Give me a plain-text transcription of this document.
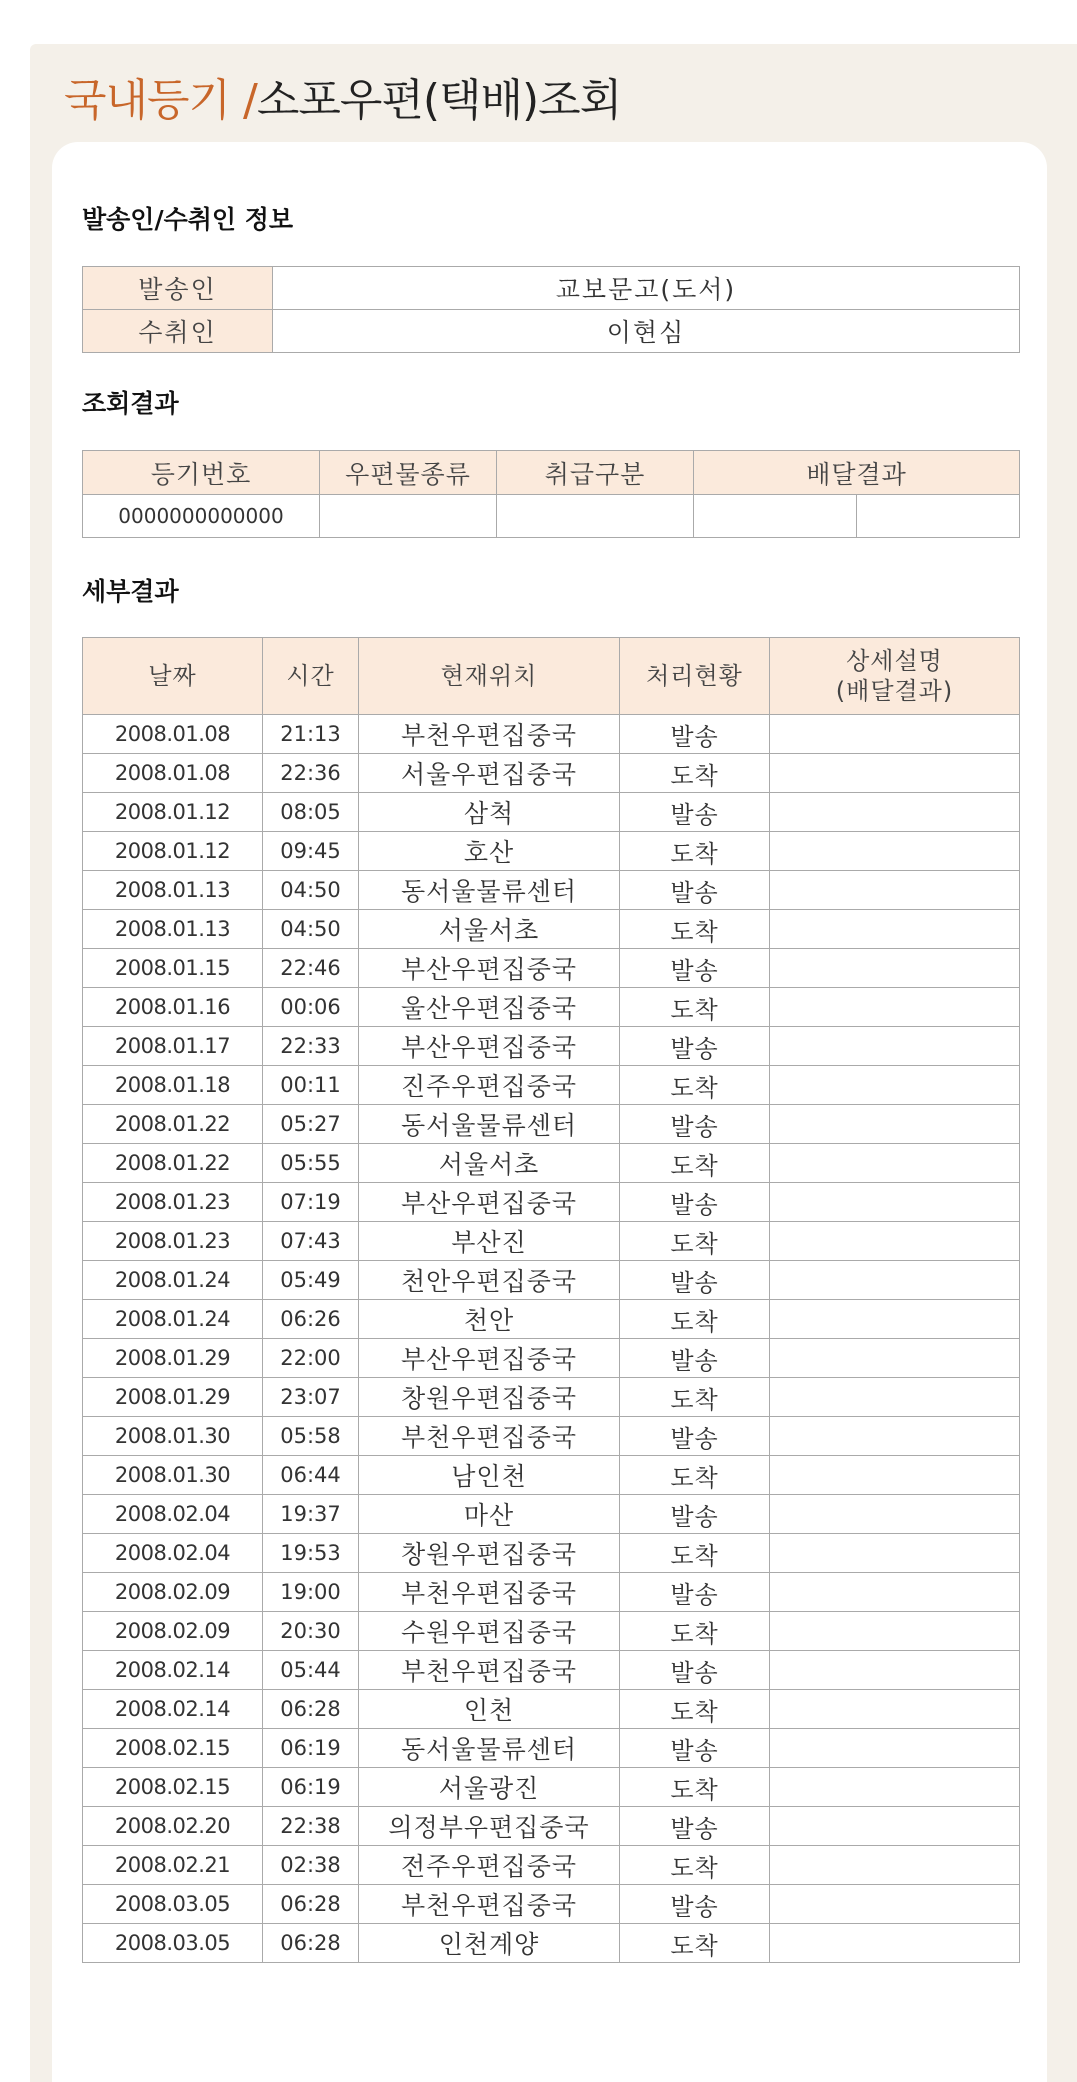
국내등기 /소포우편(택배)조회
발송인/수취인 정보
발송인	교보문고(도서)
수취인	이현심
조회결과
등기번호	우편물종류	취급구분	배달결과	
0000000000000				
세부결과
날짜	시간	현재위치	처리현황	상세설명
(배달결과)
2008.01.08	21:13	부천우편집중국	발송	
2008.01.08	22:36	서울우편집중국	도착	
2008.01.12	08:05	삼척	발송	
2008.01.12	09:45	호산	도착	
2008.01.13	04:50	동서울물류센터	발송	
2008.01.13	04:50	서울서초	도착	
2008.01.15	22:46	부산우편집중국	발송	
2008.01.16	00:06	울산우편집중국	도착	
2008.01.17	22:33	부산우편집중국	발송	
2008.01.18	00:11	진주우편집중국	도착	
2008.01.22	05:27	동서울물류센터	발송	
2008.01.22	05:55	서울서초	도착	
2008.01.23	07:19	부산우편집중국	발송	
2008.01.23	07:43	부산진	도착	
2008.01.24	05:49	천안우편집중국	발송	
2008.01.24	06:26	천안	도착	
2008.01.29	22:00	부산우편집중국	발송	
2008.01.29	23:07	창원우편집중국	도착	
2008.01.30	05:58	부천우편집중국	발송	
2008.01.30	06:44	남인천	도착	
2008.02.04	19:37	마산	발송	
2008.02.04	19:53	창원우편집중국	도착	
2008.02.09	19:00	부천우편집중국	발송	
2008.02.09	20:30	수원우편집중국	도착	
2008.02.14	05:44	부천우편집중국	발송	
2008.02.14	06:28	인천	도착	
2008.02.15	06:19	동서울물류센터	발송	
2008.02.15	06:19	서울광진	도착	
2008.02.20	22:38	의정부우편집중국	발송	
2008.02.21	02:38	전주우편집중국	도착	
2008.03.05	06:28	부천우편집중국	발송	
2008.03.05	06:28	인천계양	도착	
